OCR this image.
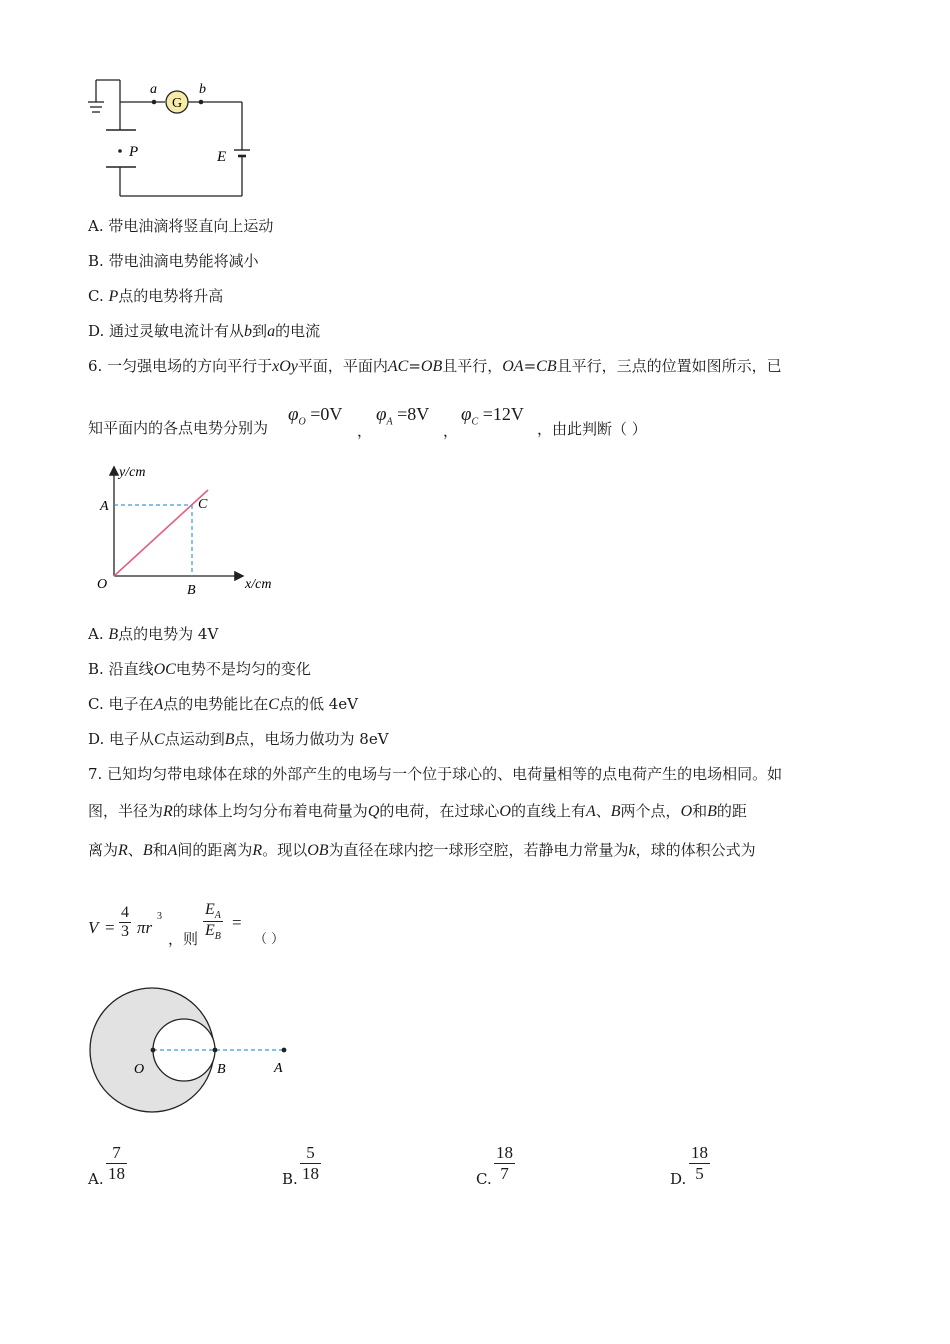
G
a	b
P	E
A. 带电油滴将竖直向上运动
B. 带电油滴电势能将减小
C. P点的电势将升高
D. 通过灵敏电流计有从b到a的电流
6. 一匀强电场的方向平行于xOy平面，平面内AC=OB且平行，OA=CB且平行，三点的位置如图所示，已
知平面内的各点电势分别为
$\varphi_O =0V$
，
$\varphi_A =8V$
，
$\varphi_C =12V$
，由此判断（ ）
y/cm
x/cm
O
A
B
C
A. B点的电势为 4V
B. 沿直线OC电势不是均匀的变化
C. 电子在A点的电势能比在C点的低 4eV
D. 电子从C点运动到B点，电场力做功为 8eV
7. 已知均匀带电球体在球的外部产生的电场与一个位于球心的、电荷量相等的点电荷产生的电场相同。如
图，半径为R的球体上均匀分布着电荷量为Q的电荷，在过球心O的直线上有A、B两个点，O和B的距
离为R、B和A间的距离为R。现以OB为直径在球内挖一球形空腔，若静电力常量为k，球的体积公式为
$V = \frac{4}{3}$ πr
3
，则 $\frac{E_A}{E_B}$ =
（ ）
O	B	A
A. $\frac{7}{18}$	B. $\frac{5}{18}$	C. $\frac{18}{7}$	D. $\frac{18}{5}$
